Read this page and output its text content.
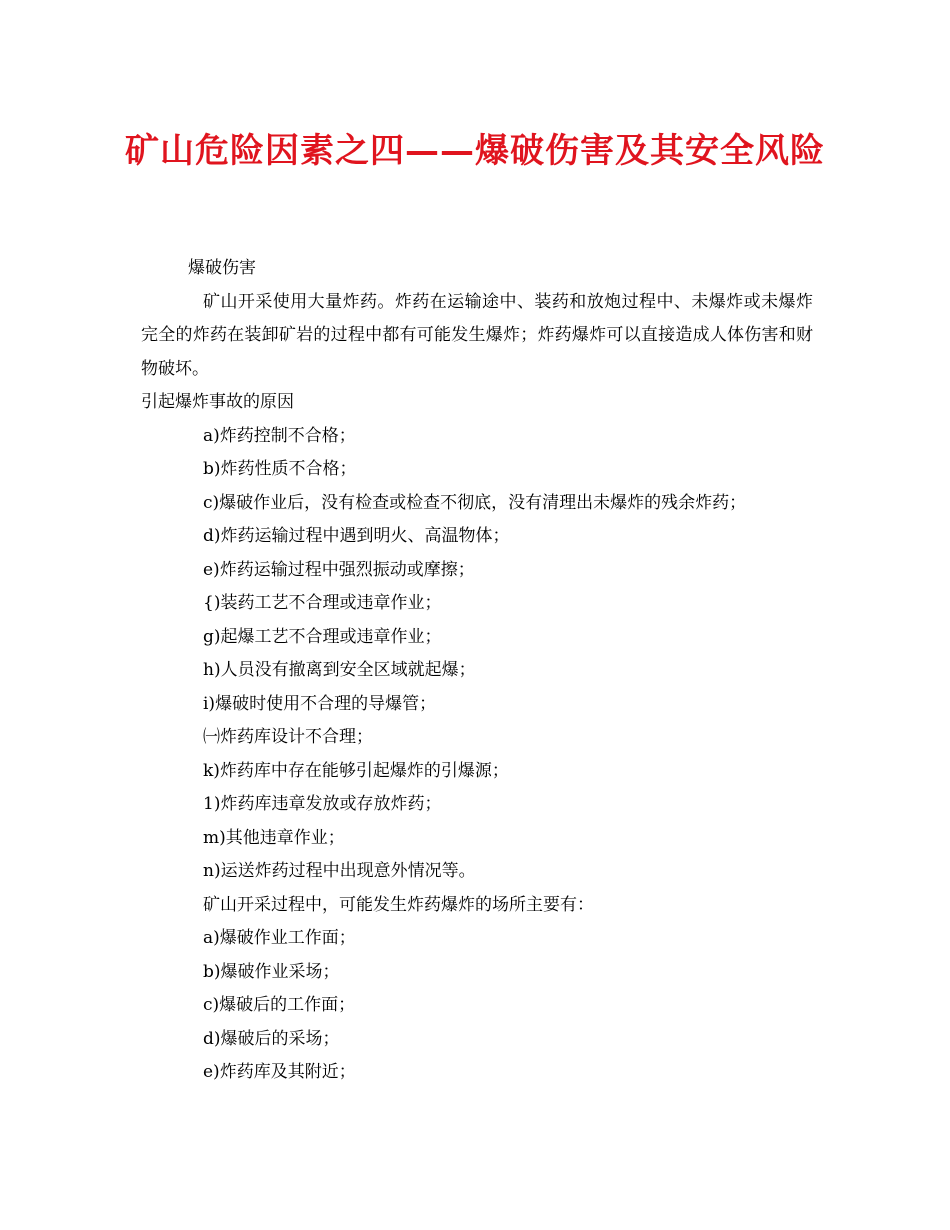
矿山危险因素之四——爆破伤害及其安全风险
爆破伤害
矿山开采使用大量炸药。炸药在运输途中、装药和放炮过程中、未爆炸或未爆炸完全的炸药在装卸矿岩的过程中都有可能发生爆炸；炸药爆炸可以直接造成人体伤害和财物破坏。
引起爆炸事故的原因
a)炸药控制不合格；
b)炸药性质不合格；
c)爆破作业后，没有检查或检查不彻底，没有清理出未爆炸的残余炸药；
d)炸药运输过程中遇到明火、高温物体；
e)炸药运输过程中强烈振动或摩擦；
{)装药工艺不合理或违章作业；
g)起爆工艺不合理或违章作业；
h)人员没有撤离到安全区域就起爆；
i)爆破时使用不合理的导爆管；
㈠炸药库设计不合理；
k)炸药库中存在能够引起爆炸的引爆源；
1)炸药库违章发放或存放炸药；
m)其他违章作业；
n)运送炸药过程中出现意外情况等。
矿山开采过程中，可能发生炸药爆炸的场所主要有：
a)爆破作业工作面；
b)爆破作业采场；
c)爆破后的工作面；
d)爆破后的采场；
e)炸药库及其附近；
